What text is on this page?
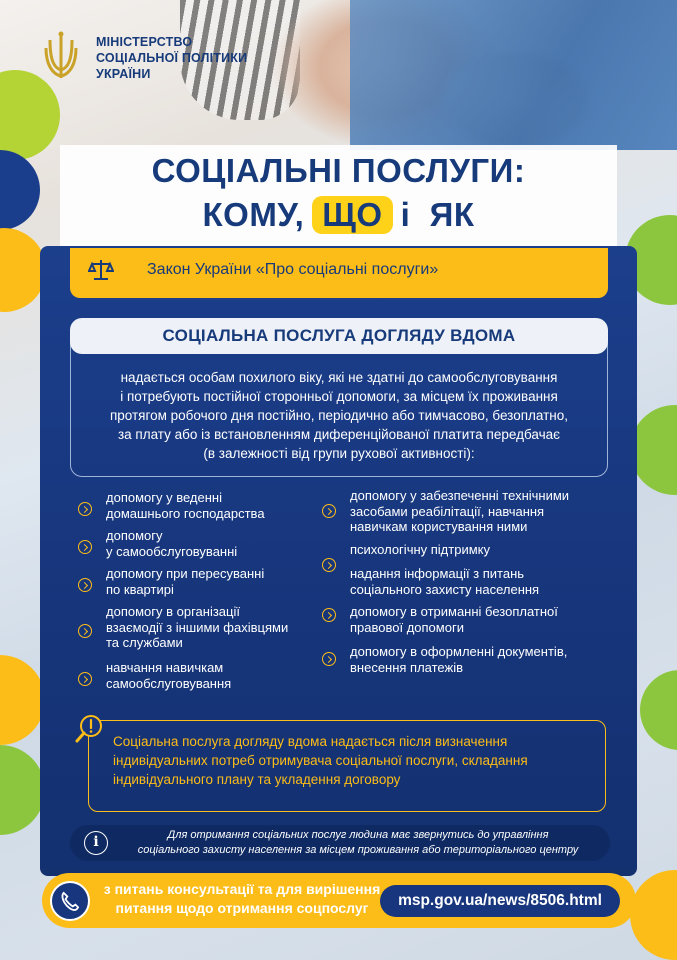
МІНІСТЕРСТВО
СОЦІАЛЬНОЇ ПОЛІТИКИ
УКРАЇНИ
СОЦІАЛЬНІ ПОСЛУГИ:
КОМУ, ЩО і ЯК
Закон України «Про соціальні послуги»
СОЦІАЛЬНА ПОСЛУГА ДОГЛЯДУ ВДОМА
надається особам похилого віку, які не здатні до самообслуговування
і потребують постійної сторонньої допомоги, за місцем їх проживання
протягом робочого дня постійно, періодично або тимчасово, безоплатно,
за плату або із встановленням диференційованої платита передбачає
(в залежності від групи рухової активності):
допомогу у веденні
домашнього господарства
допомогу
у самообслуговуванні
допомогу при пересуванні
по квартирі
допомогу в організації
взаємодії з іншими фахівцями
та службами
навчання навичкам
самообслуговування
допомогу у забезпеченні технічними
засобами реабілітації, навчання
навичкам користування ними
психологічну підтримку
надання інформації з питань
соціального захисту населення
допомогу в отриманні безоплатної
правової допомоги
допомогу в оформленні документів,
внесення платежів
Соціальна послуга догляду вдома надається після визначення
індивідуальних потреб отримувача соціальної послуги, складання
індивідуального плану та укладення договору
i	Для отримання соціальних послуг людина має звернутись до управління
соціального захисту населення за місцем проживання або територіального центру
з питань консультації та для вирішення
питання щодо отримання соцпослуг	msp.gov.ua/news/8506.html
